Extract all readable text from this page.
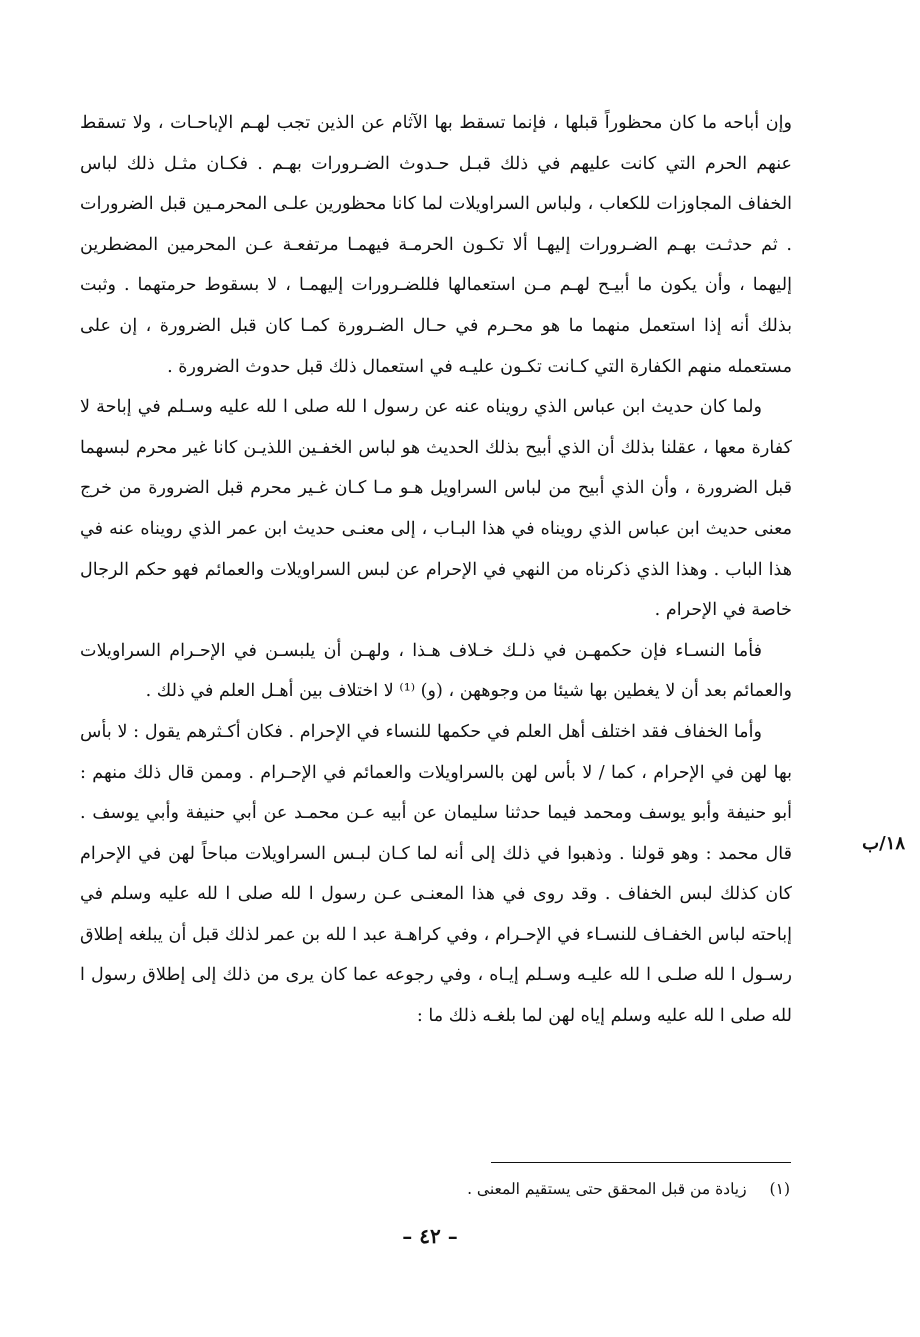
وإن أباحه ما كان محظوراً قبلها ، فإنما تسقط بها الآثام عن الذين تجب لهـم الإباحـات ، ولا تسقط عنهم الحرم التي كانت عليهم في ذلك قبـل حـدوث الضـرورات بهـم . فكـان مثـل ذلك لباس الخفاف المجاوزات للكعاب ، ولباس السراويلات لما كانا محظورين علـى المحرمـين قبل الضرورات . ثم حدثـت بهـم الضـرورات إليهـا ألا تكـون الحرمـة فيهمـا مرتفعـة عـن المحرمين المضطرين إليهما ، وأن يكون ما أبيـح لهـم مـن استعمالها فللضـرورات إليهمـا ، لا بسقوط حرمتهما . وثبت بذلك أنه إذا استعمل منهما ما هو محـرم في حـال الضـرورة كمـا كان قبل الضرورة ، إن على مستعمله منهم الكفارة التي كـانت تكـون عليـه في استعمال ذلك قبل حدوث الضرورة .

ولما كان حديث ابن عباس الذي رويناه عنه عن رسول ا لله صلى ا لله عليه وسـلم في إباحة لا كفارة معها ، عقلنا بذلك أن الذي أبيح بذلك الحديث هو لباس الخفـين اللذيـن كانا غير محرم لبسهما قبل الضرورة ، وأن الذي أبيح من لباس السراويل هـو مـا كـان غـير محرم قبل الضرورة من خرج معنى حديث ابن عباس الذي رويناه في هذا البـاب ، إلى معنـى حديث ابن عمر الذي رويناه عنه في هذا الباب . وهذا الذي ذكرناه من النهي في الإحرام عن لبس السراويلات والعمائم فهو حكم الرجال خاصة في الإحرام .

فأما النسـاء فإن حكمهـن في ذلـك خـلاف هـذا ، ولهـن أن يلبسـن في الإحـرام السراويلات والعمائم بعد أن لا يغطين بها شيئا من وجوههن ، (و) ⁽¹⁾ لا اختلاف بين أهـل العلم في ذلك .

وأما الخفاف فقد اختلف أهل العلم في حكمها للنساء في الإحرام . فكان أكـثرهم يقول : لا بأس بها لهن في الإحرام ، كما / لا بأس لهن بالسراويلات والعمائم في الإحـرام . وممن قال ذلك منهم : أبو حنيفة وأبو يوسف ومحمد فيما حدثنا سليمان عن أبيه عـن محمـد عن أبي حنيفة وأبي يوسف . قال محمد : وهو قولنا . وذهبوا في ذلك إلى أنه لما كـان لبـس السراويلات مباحاً لهن في الإحرام كان كذلك لبس الخفاف . وقد روى في هذا المعنـى عـن رسول ا لله صلى ا لله عليه وسلم في إباحته لباس الخفـاف للنسـاء في الإحـرام ، وفي كراهـة عبد ا لله بن عمر لذلك قبل أن يبلغه إطلاق رسـول ا لله صلـى ا لله عليـه وسـلم إيـاه ، وفي رجوعه عما كان يرى من ذلك إلى إطلاق رسول ا لله صلى ا لله عليه وسلم إياه لهن لما بلغـه ذلك ما :

١٨/ب
(١) زيادة من قبل المحقق حتى يستقيم المعنى .
– ٤٢ –
